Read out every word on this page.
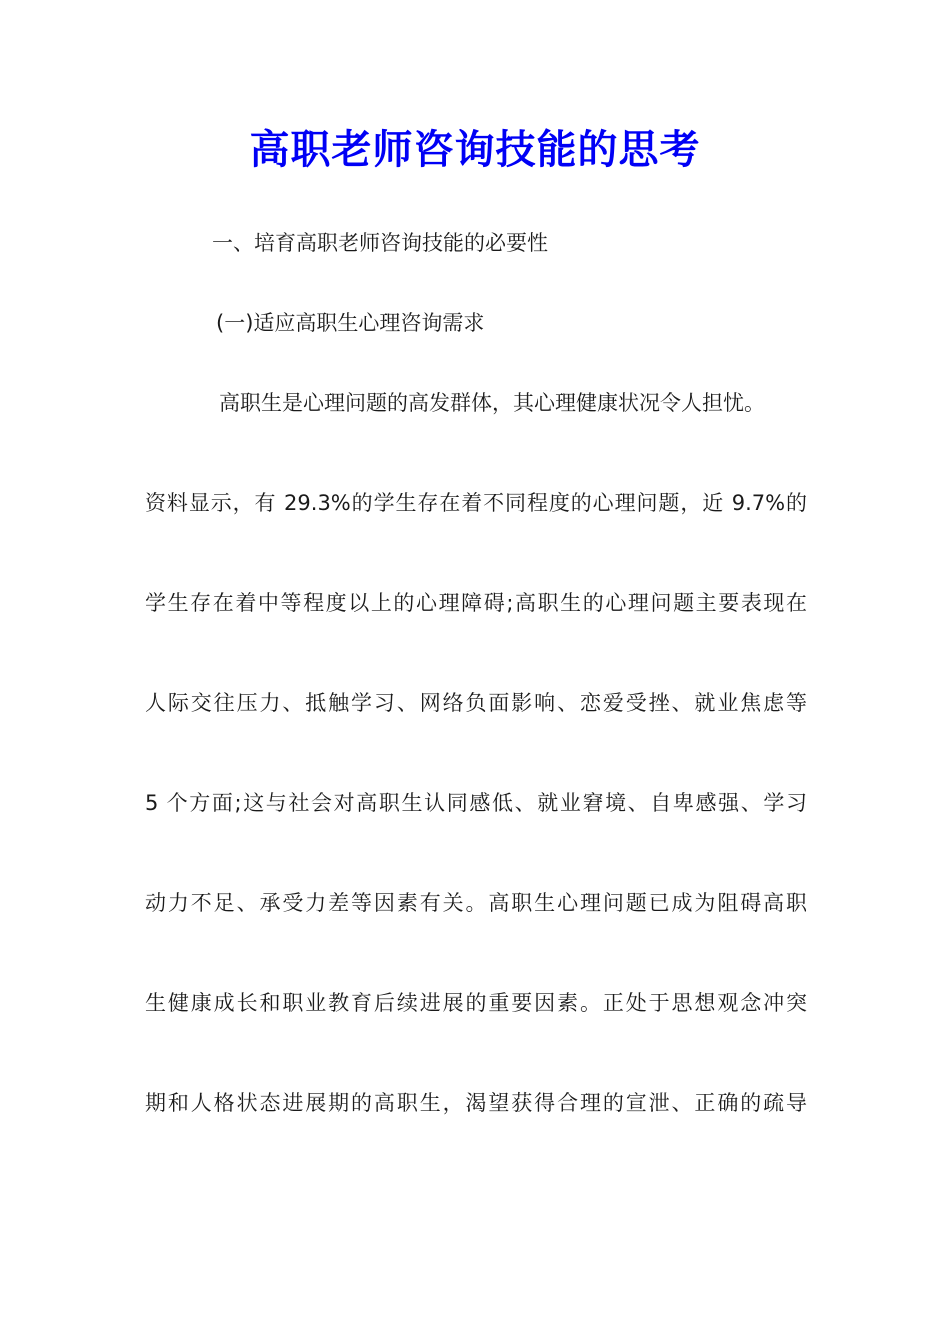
高职老师咨询技能的思考
一、培育高职老师咨询技能的必要性
(一)适应高职生心理咨询需求
高职生是心理问题的高发群体，其心理健康状况令人担忧。
资料显示，有 29.3%的学生存在着不同程度的心理问题，近 9.7%的
学生存在着中等程度以上的心理障碍;高职生的心理问题主要表现在
人际交往压力、抵触学习、网络负面影响、恋爱受挫、就业焦虑等
5 个方面;这与社会对高职生认同感低、就业窘境、自卑感强、学习
动力不足、承受力差等因素有关。高职生心理问题已成为阻碍高职
生健康成长和职业教育后续进展的重要因素。正处于思想观念冲突
期和人格状态进展期的高职生，渴望获得合理的宣泄、正确的疏导
